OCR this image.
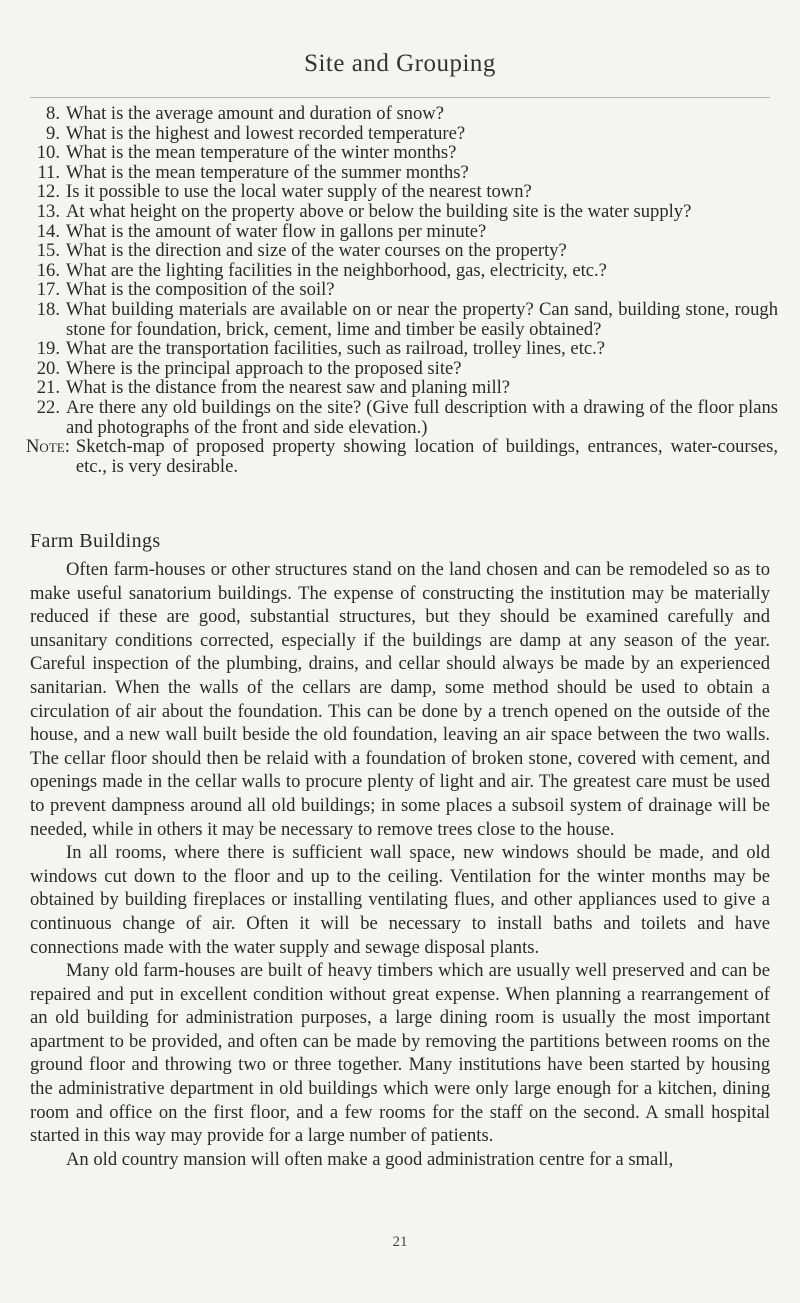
Site and Grouping
8. What is the average amount and duration of snow?
9. What is the highest and lowest recorded temperature?
10. What is the mean temperature of the winter months?
11. What is the mean temperature of the summer months?
12. Is it possible to use the local water supply of the nearest town?
13. At what height on the property above or below the building site is the water supply?
14. What is the amount of water flow in gallons per minute?
15. What is the direction and size of the water courses on the property?
16. What are the lighting facilities in the neighborhood, gas, electricity, etc.?
17. What is the composition of the soil?
18. What building materials are available on or near the property? Can sand, building stone, rough stone for foundation, brick, cement, lime and timber be easily obtained?
19. What are the transportation facilities, such as railroad, trolley lines, etc.?
20. Where is the principal approach to the proposed site?
21. What is the distance from the nearest saw and planing mill?
22. Are there any old buildings on the site? (Give full description with a drawing of the floor plans and photographs of the front and side elevation.)
Note: Sketch-map of proposed property showing location of buildings, entrances, water-courses, etc., is very desirable.
Farm Buildings

Often farm-houses or other structures stand on the land chosen and can be remodeled so as to make useful sanatorium buildings. The expense of constructing the institution may be materially reduced if these are good, substantial structures, but they should be examined carefully and unsanitary conditions corrected, especially if the buildings are damp at any season of the year. Careful inspection of the plumbing, drains, and cellar should always be made by an experienced sanitarian. When the walls of the cellars are damp, some method should be used to obtain a circulation of air about the foundation. This can be done by a trench opened on the outside of the house, and a new wall built beside the old foundation, leaving an air space between the two walls. The cellar floor should then be relaid with a foundation of broken stone, covered with cement, and openings made in the cellar walls to procure plenty of light and air. The greatest care must be used to prevent dampness around all old buildings; in some places a subsoil system of drainage will be needed, while in others it may be necessary to remove trees close to the house.

In all rooms, where there is sufficient wall space, new windows should be made, and old windows cut down to the floor and up to the ceiling. Ventilation for the winter months may be obtained by building fireplaces or installing ventilating flues, and other appliances used to give a continuous change of air. Often it will be necessary to install baths and toilets and have connections made with the water supply and sewage disposal plants.

Many old farm-houses are built of heavy timbers which are usually well preserved and can be repaired and put in excellent condition without great expense. When planning a rearrangement of an old building for administration purposes, a large dining room is usually the most important apartment to be provided, and often can be made by removing the partitions between rooms on the ground floor and throwing two or three together. Many institutions have been started by housing the administrative department in old buildings which were only large enough for a kitchen, dining room and office on the first floor, and a few rooms for the staff on the second. A small hospital started in this way may provide for a large number of patients.

An old country mansion will often make a good administration centre for a small,

21
